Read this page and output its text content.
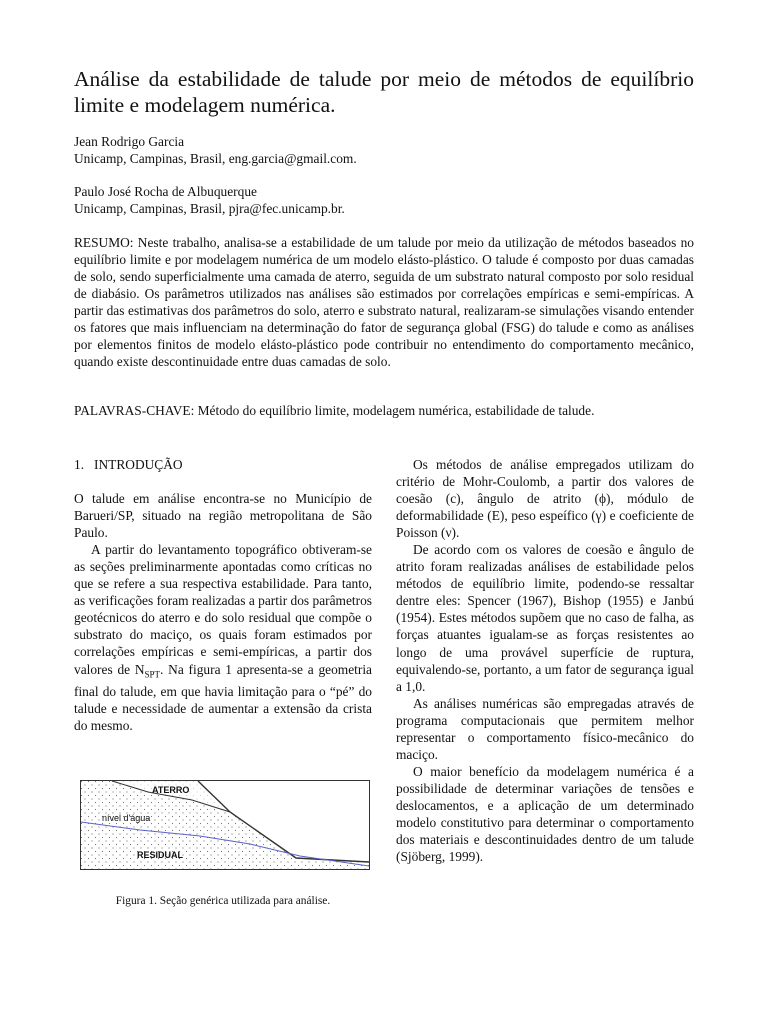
Análise da estabilidade de talude por meio de métodos de equilíbrio limite e modelagem numérica.
Jean Rodrigo Garcia
Unicamp, Campinas, Brasil, eng.garcia@gmail.com.
Paulo José Rocha de Albuquerque
Unicamp, Campinas, Brasil, pjra@fec.unicamp.br.

RESUMO: Neste trabalho, analisa-se a estabilidade de um talude por meio da utilização de métodos baseados no equilíbrio limite e por modelagem numérica de um modelo elásto-plástico. O talude é composto por duas camadas de solo, sendo superficialmente uma camada de aterro, seguida de um substrato natural composto por solo residual de diabásio. Os parâmetros utilizados nas análises são estimados por correlações empíricas e semi-empíricas. A partir das estimativas dos parâmetros do solo, aterro e substrato natural, realizaram-se simulações visando entender os fatores que mais influenciam na determinação do fator de segurança global (FSG) do talude e como as análises por elementos finitos de modelo elásto-plástico pode contribuir no entendimento do comportamento mecânico, quando existe descontinuidade entre duas camadas de solo.

PALAVRAS-CHAVE: Método do equilíbrio limite, modelagem numérica, estabilidade de talude.

1. INTRODUÇÃO

O talude em análise encontra-se no Município de Barueri/SP, situado na região metropolitana de São Paulo.

A partir do levantamento topográfico obtiveram-se as seções preliminarmente apontadas como críticas no que se refere a sua respectiva estabilidade. Para tanto, as verificações foram realizadas a partir dos parâmetros geotécnicos do aterro e do solo residual que compõe o substrato do maciço, os quais foram estimados por correlações empíricas e semi-empíricas, a partir dos valores de $N_{SPT}$. Na figura 1 apresenta-se a geometria final do talude, em que havia limitação para o “pé” do talude e necessidade de aumentar a extensão da crista do mesmo.

ATERRO
nível d'água
RESIDUAL

Figura 1. Seção genérica utilizada para análise.

Os métodos de análise empregados utilizam do critério de Mohr-Coulomb, a partir dos valores de coesão (c), ângulo de atrito (ϕ), módulo de deformabilidade (E), peso espeífico (γ) e coeficiente de Poisson (ν).

De acordo com os valores de coesão e ângulo de atrito foram realizadas análises de estabilidade pelos métodos de equilíbrio limite, podendo-se ressaltar dentre eles: Spencer (1967), Bishop (1955) e Janbú (1954). Estes métodos supõem que no caso de falha, as forças atuantes igualam-se as forças resistentes ao longo de uma provável superfície de ruptura, equivalendo-se, portanto, a um fator de segurança igual a 1,0.

As análises numéricas são empregadas através de programa computacionais que permitem melhor representar o comportamento físico-mecânico do maciço.

O maior benefício da modelagem numérica é a possibilidade de determinar variações de tensões e deslocamentos, e a aplicação de um determinado modelo constitutivo para determinar o comportamento dos materiais e descontinuidades dentro de um talude (Sjöberg, 1999).
